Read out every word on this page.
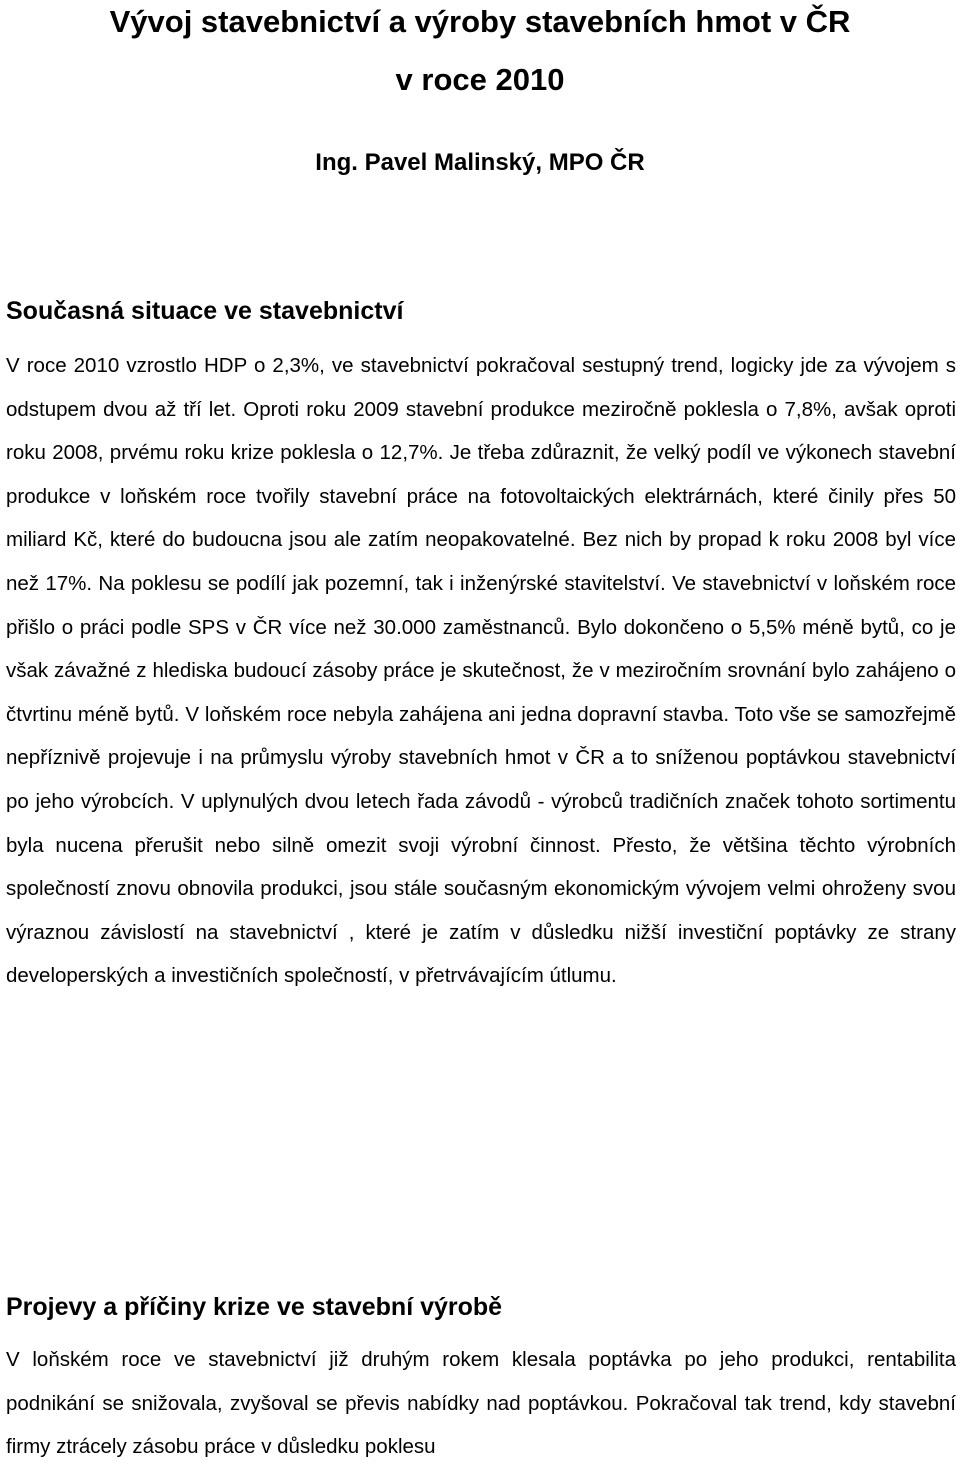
Vývoj stavebnictví a výroby stavebních hmot v ČR
v roce 2010

Ing. Pavel Malinský, MPO ČR

Současná situace ve stavebnictví

V roce 2010 vzrostlo HDP o 2,3%, ve stavebnictví pokračoval sestupný trend, logicky jde za vývojem s odstupem dvou až tří let. Oproti roku 2009 stavební produkce meziročně poklesla o 7,8%, avšak oproti roku 2008, prvému roku krize poklesla o 12,7%. Je třeba zdůraznit, že velký podíl ve výkonech stavební produkce v loňském roce tvořily stavební práce na fotovoltaických elektrárnách, které činily přes 50 miliard Kč, které do budoucna jsou ale zatím neopakovatelné. Bez nich by propad k roku 2008 byl více než 17%. Na poklesu se podílí jak pozemní, tak i inženýrské stavitelství. Ve stavebnictví v loňském roce přišlo o práci podle SPS v ČR více než 30.000 zaměstnanců. Bylo dokončeno o 5,5% méně bytů, co je však závažné z hlediska budoucí zásoby práce je skutečnost, že v meziročním srovnání bylo zahájeno o čtvrtinu méně bytů. V loňském roce nebyla zahájena ani jedna dopravní stavba. Toto vše se samozřejmě nepříznivě projevuje i na průmyslu výroby stavebních hmot v ČR a to sníženou poptávkou stavebnictví po jeho výrobcích. V uplynulých dvou letech řada závodů - výrobců tradičních značek tohoto sortimentu byla nucena přerušit nebo silně omezit svoji výrobní činnost. Přesto, že většina těchto výrobních společností znovu obnovila produkci, jsou stále současným ekonomickým vývojem velmi ohroženy svou výraznou závislostí na stavebnictví , které je zatím v důsledku nižší investiční poptávky ze strany developerských a investičních společností, v přetrvávajícím útlumu.

Projevy a příčiny krize ve stavební výrobě

V loňském roce ve stavebnictví již druhým rokem klesala poptávka po jeho produkci, rentabilita podnikání se snižovala, zvyšoval se převis nabídky nad poptávkou. Pokračoval tak trend, kdy stavební firmy ztrácely zásobu práce v důsledku poklesu
